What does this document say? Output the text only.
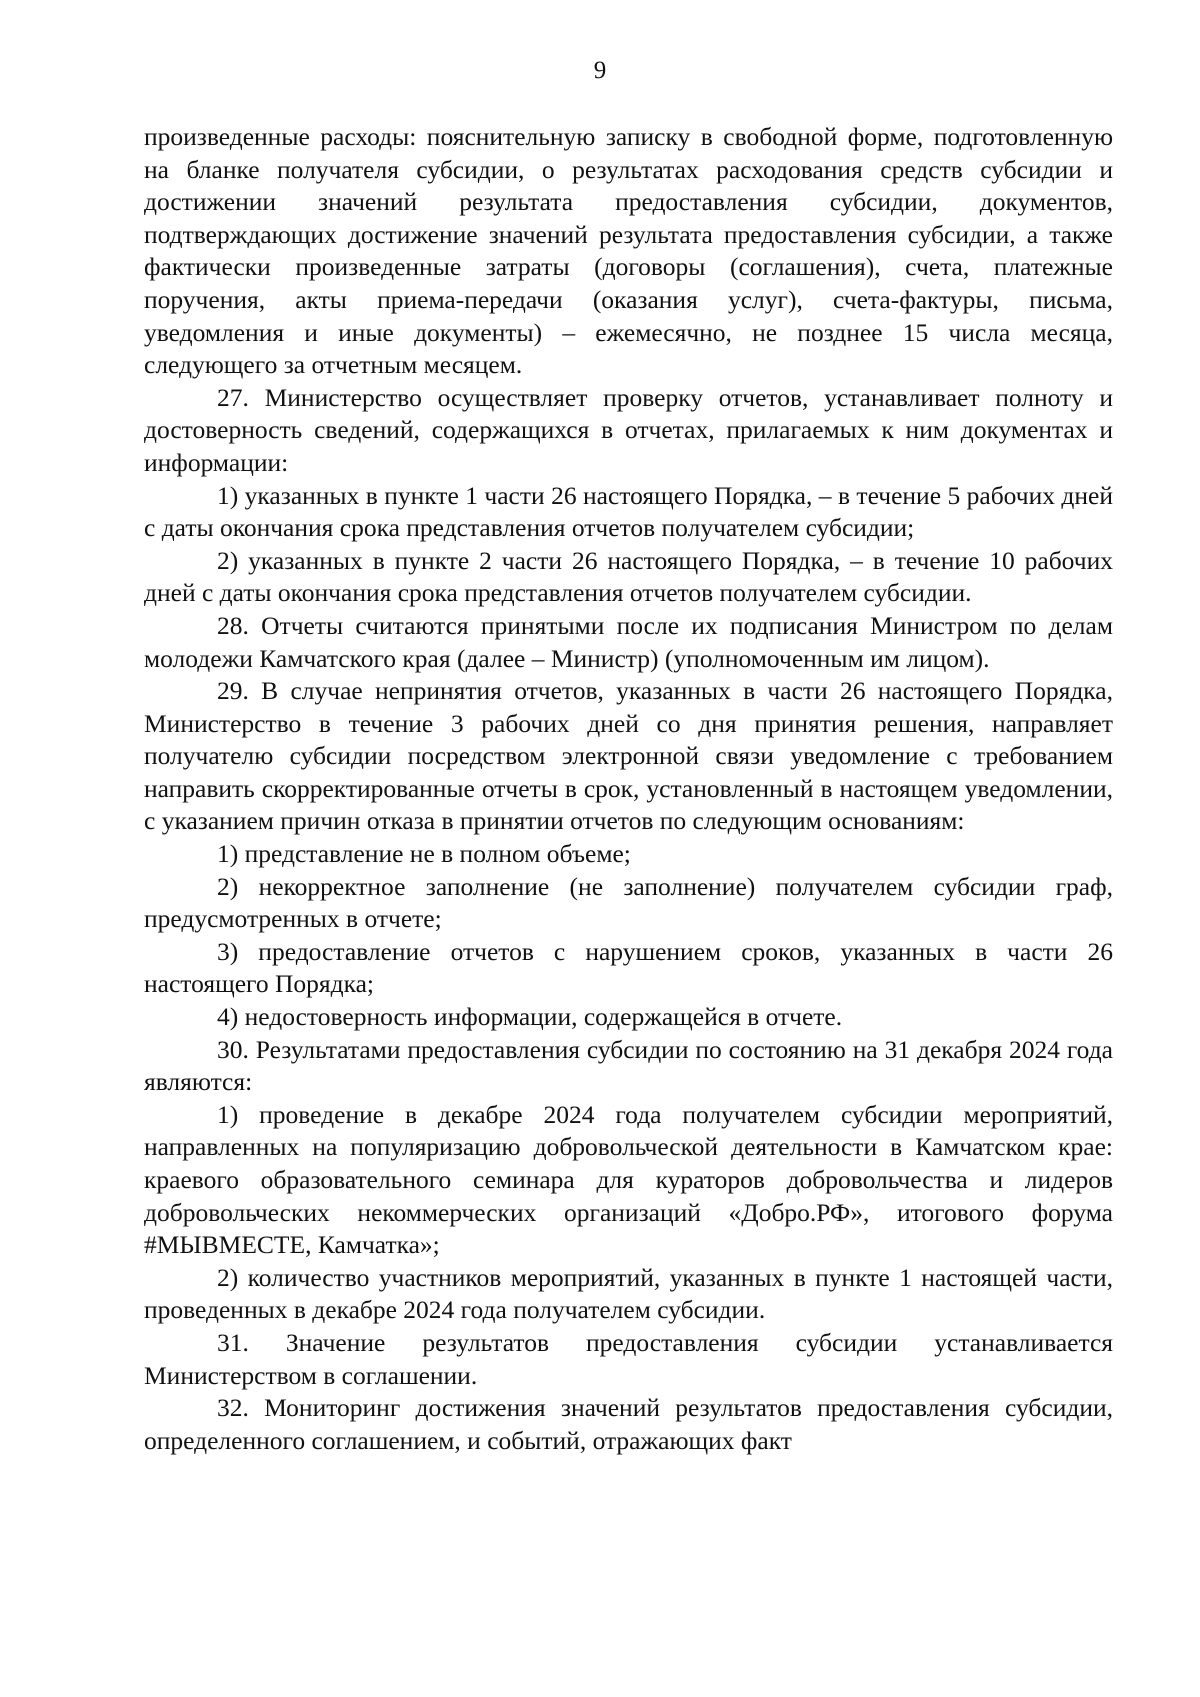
9

произведенные расходы: пояснительную записку в свободной форме, подготовленную на бланке получателя субсидии, о результатах расходования средств субсидии и достижении значений результата предоставления субсидии, документов, подтверждающих достижение значений результата предоставления субсидии, а также фактически произведенные затраты (договоры (соглашения), счета, платежные поручения, акты приема-передачи (оказания услуг), счета-фактуры, письма, уведомления и иные документы) – ежемесячно, не позднее 15 числа месяца, следующего за отчетным месяцем.

27. Министерство осуществляет проверку отчетов, устанавливает полноту и достоверность сведений, содержащихся в отчетах, прилагаемых к ним документах и информации:

1) указанных в пункте 1 части 26 настоящего Порядка, – в течение 5 рабочих дней с даты окончания срока представления отчетов получателем субсидии;

2) указанных в пункте 2 части 26 настоящего Порядка, – в течение 10 рабочих дней с даты окончания срока представления отчетов получателем субсидии.

28. Отчеты считаются принятыми после их подписания Министром по делам молодежи Камчатского края (далее – Министр) (уполномоченным им лицом).

29. В случае непринятия отчетов, указанных в части 26 настоящего Порядка, Министерство в течение 3 рабочих дней со дня принятия решения, направляет получателю субсидии посредством электронной связи уведомление с требованием направить скорректированные отчеты в срок, установленный в настоящем уведомлении, с указанием причин отказа в принятии отчетов по следующим основаниям:

1) представление не в полном объеме;

2) некорректное заполнение (не заполнение) получателем субсидии граф, предусмотренных в отчете;

3) предоставление отчетов с нарушением сроков, указанных в части 26 настоящего Порядка;

4) недостоверность информации, содержащейся в отчете.

30. Результатами предоставления субсидии по состоянию на 31 декабря 2024 года являются:

1) проведение в декабре 2024 года получателем субсидии мероприятий, направленных на популяризацию добровольческой деятельности в Камчатском крае: краевого образовательного семинара для кураторов добровольчества и лидеров добровольческих некоммерческих организаций «Добро.РФ», итогового форума #МЫВМЕСТЕ, Камчатка»;

2) количество участников мероприятий, указанных в пункте 1 настоящей части, проведенных в декабре 2024 года получателем субсидии.

31. Значение результатов предоставления субсидии устанавливается Министерством в соглашении.

32. Мониторинг достижения значений результатов предоставления субсидии, определенного соглашением, и событий, отражающих факт
